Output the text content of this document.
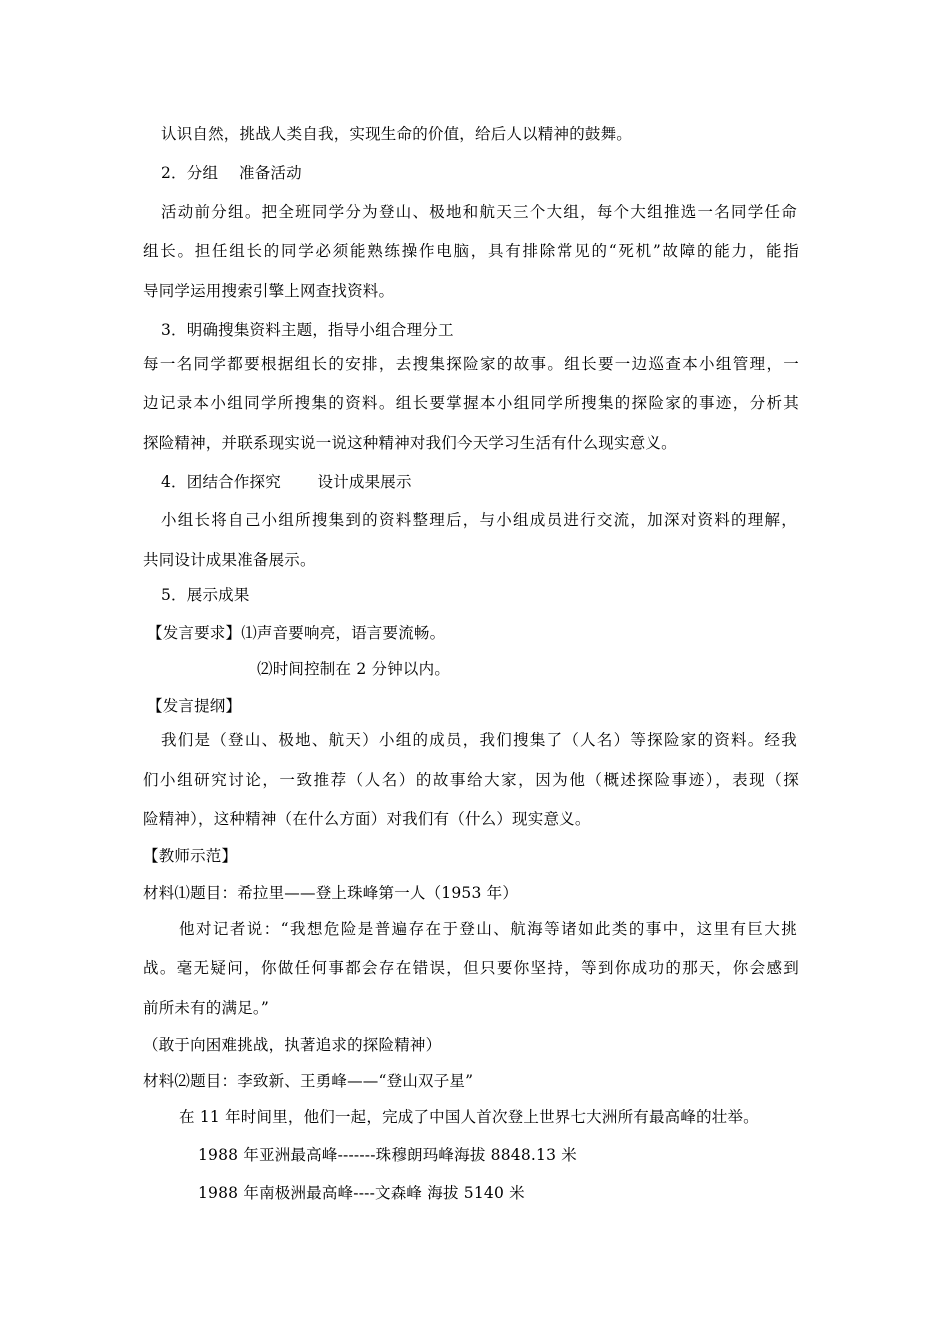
认识自然，挑战人类自我，实现生命的价值，给后人以精神的鼓舞。
2．分组　 准备活动
活动前分组。把全班同学分为登山、极地和航天三个大组，每个大组推选一名同学任命
组长。担任组长的同学必须能熟练操作电脑，具有排除常见的“死机”故障的能力，能指
导同学运用搜索引擎上网查找资料。
3．明确搜集资料主题，指导小组合理分工
每一名同学都要根据组长的安排，去搜集探险家的故事。组长要一边巡查本小组管理，一
边记录本小组同学所搜集的资料。组长要掌握本小组同学所搜集的探险家的事迹，分析其
探险精神，并联系现实说一说这种精神对我们今天学习生活有什么现实意义。
4．团结合作探究　　 设计成果展示
小组长将自己小组所搜集到的资料整理后，与小组成员进行交流，加深对资料的理解，
共同设计成果准备展示。
5．展示成果
【发言要求】⑴声音要响亮，语言要流畅。
⑵时间控制在 2 分钟以内。
【发言提纲】
我们是（登山、极地、航天）小组的成员，我们搜集了（人名）等探险家的资料。经我
们小组研究讨论，一致推荐（人名）的故事给大家，因为他（概述探险事迹），表现（探
险精神），这种精神（在什么方面）对我们有（什么）现实意义。
【教师示范】
材料⑴题目：希拉里——登上珠峰第一人（1953 年）
他对记者说：“我想危险是普遍存在于登山、航海等诸如此类的事中，这里有巨大挑
战。毫无疑问，你做任何事都会存在错误，但只要你坚持，等到你成功的那天，你会感到
前所未有的满足。”
（敢于向困难挑战，执著追求的探险精神）
材料⑵题目：李致新、王勇峰——“登山双子星”
在 11 年时间里，他们一起，完成了中国人首次登上世界七大洲所有最高峰的壮举。
1988 年亚洲最高峰-------珠穆朗玛峰海拔 8848.13 米
1988 年南极洲最高峰----文森峰 海拔 5140 米
